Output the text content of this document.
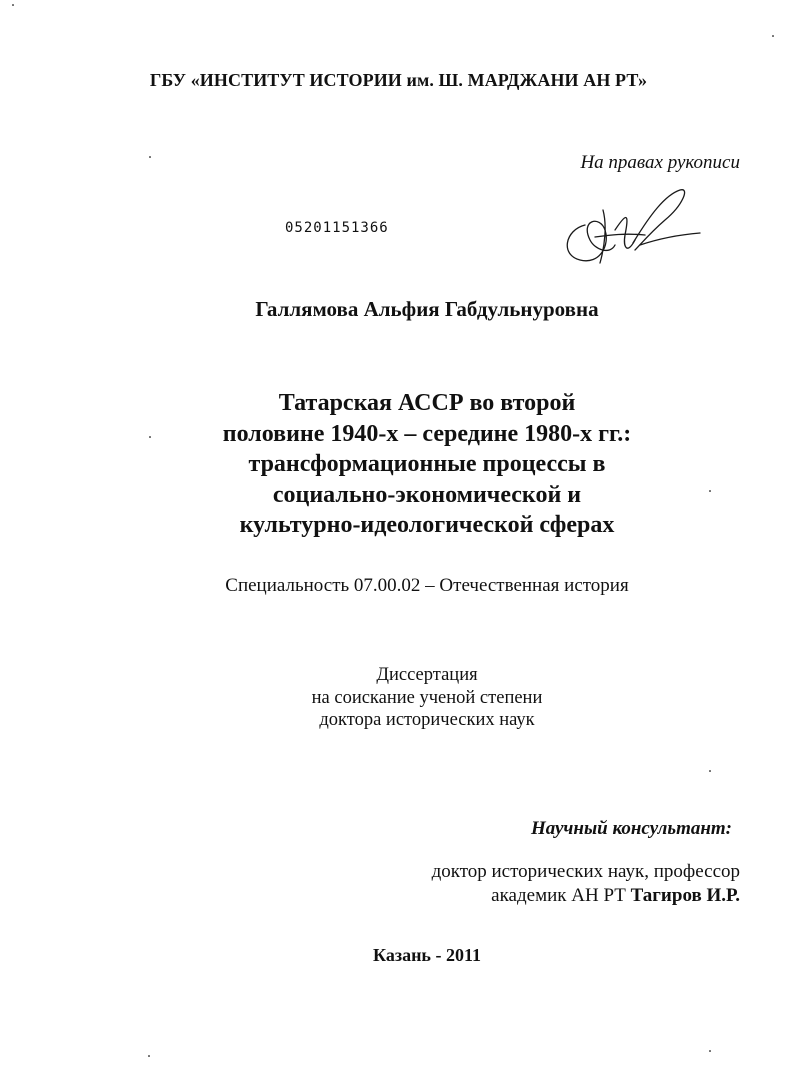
ГБУ «ИНСТИТУТ ИСТОРИИ им. Ш. МАРДЖАНИ АН РТ»
На правах рукописи
05201151366
Галлямова Альфия Габдульнуровна
Татарская АССР во второй
половине 1940-х – середине 1980-х гг.:
трансформационные процессы в
социально-экономической и
культурно-идеологической сферах
Специальность 07.00.02 – Отечественная история
Диссертация
на соискание ученой степени
доктора исторических наук
Научный консультант:
доктор исторических наук, профессор
академик АН РТ Тагиров И.Р.
Казань - 2011
